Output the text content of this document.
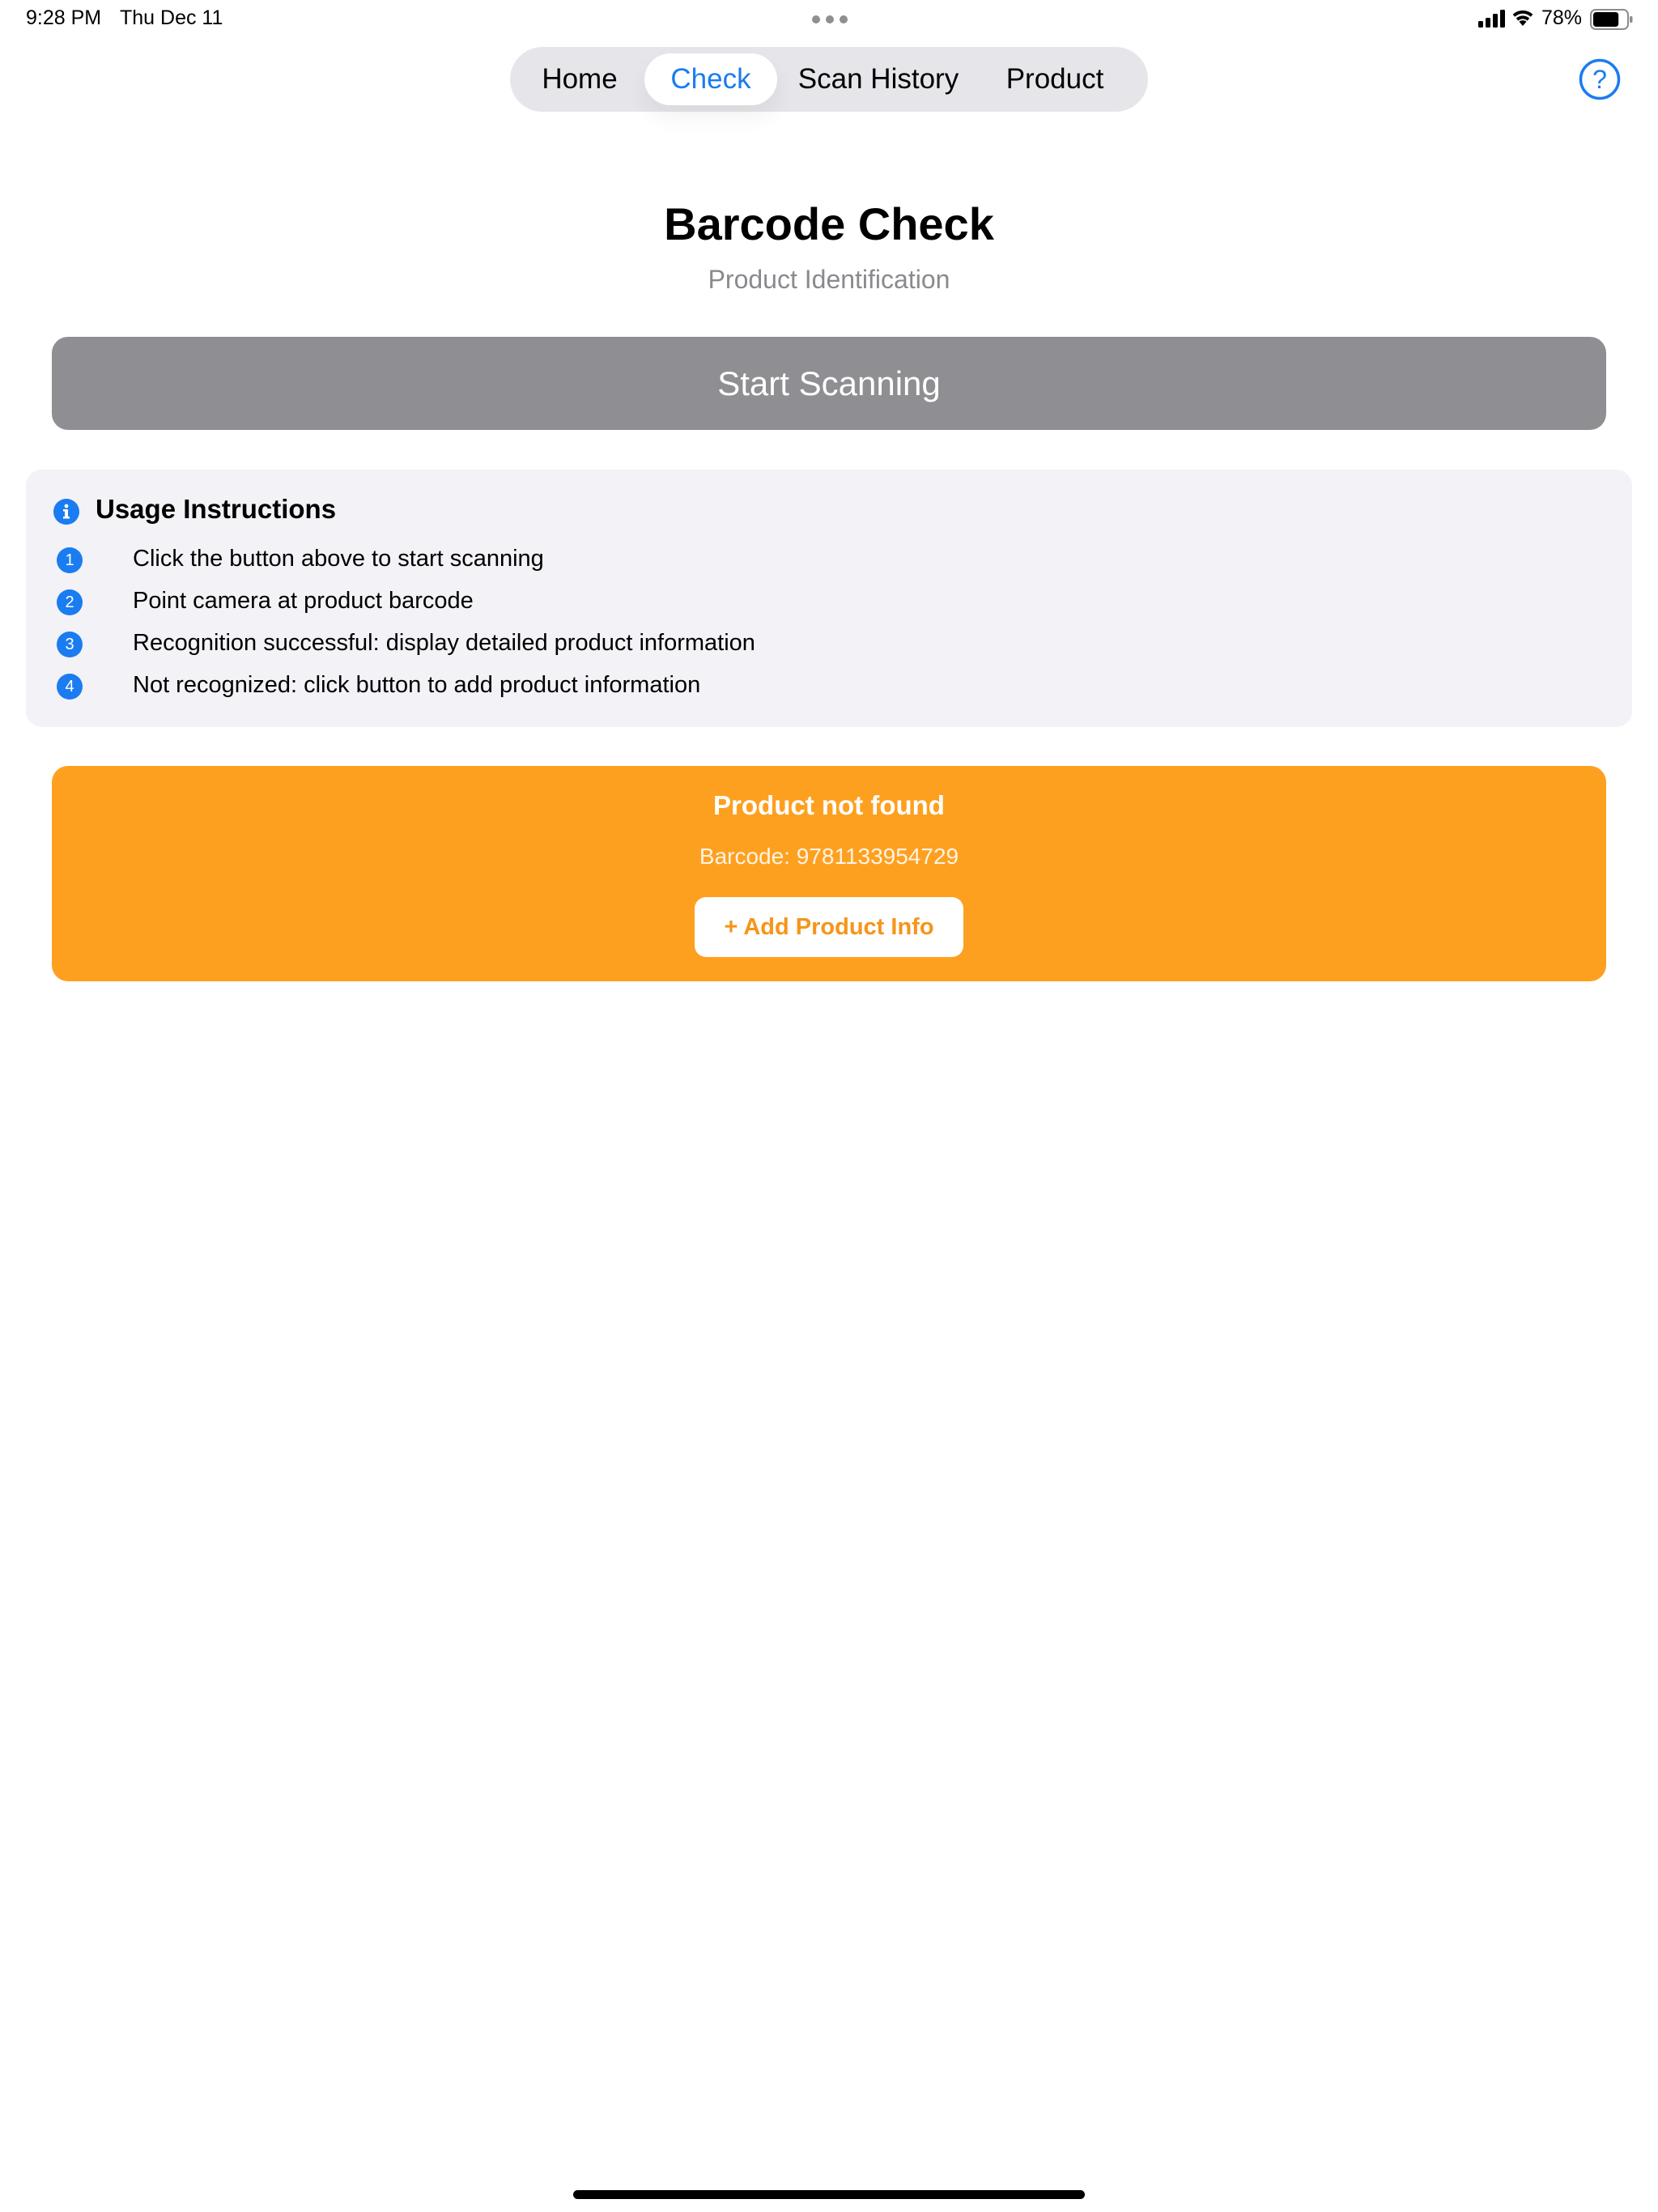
9:28 PM Thu Dec 11	78%
Home	Check	Scan History	Product	?
Barcode Check
Product Identification
Start Scanning
Usage Instructions
1	Click the button above to start scanning
2	Point camera at product barcode
3	Recognition successful: display detailed product information
4	Not recognized: click button to add product information
Product not found
Barcode: 9781133954729
+ Add Product Info
